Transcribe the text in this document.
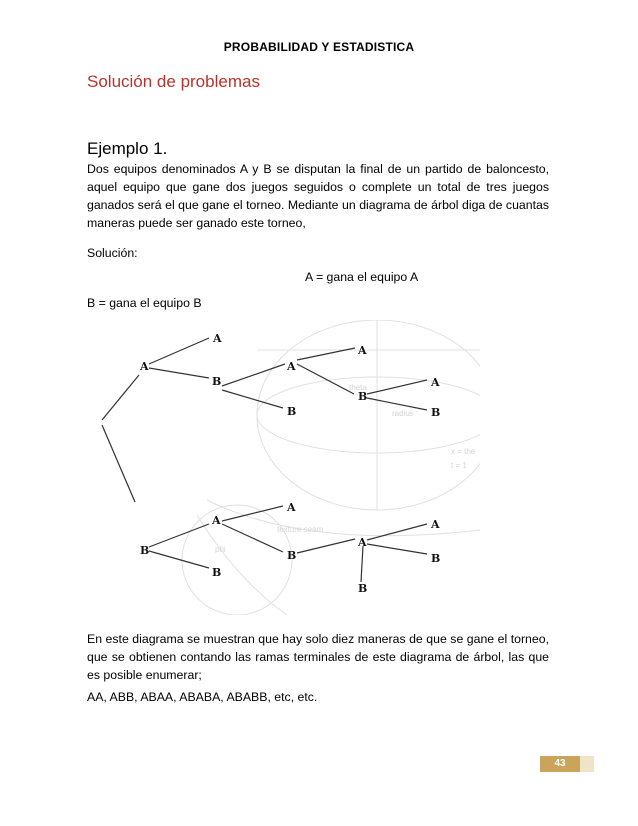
PROBABILIDAD Y ESTADISTICA
Solución de problemas
Ejemplo 1.
Dos equipos denominados A y B se disputan la final de un partido de baloncesto, aquel equipo que gane dos juegos seguidos o complete un total de tres juegos ganados será el que gane el torneo. Mediante un diagrama de árbol diga de cuantas maneras puede ser ganado este torneo,
Solución:
A = gana el equipo A
B = gana el equipo B
theta
radius
texture seam
phi
x = the
t = 1
A
A
B
A
B
A
B
A
B
B
A
B
A
B
A
B
A
B
En este diagrama se muestran que hay solo diez maneras de que se gane el torneo, que se obtienen contando las ramas terminales de este diagrama de árbol, las que es posible enumerar;
AA, ABB, ABAA, ABABA, ABABB, etc, etc.
43
